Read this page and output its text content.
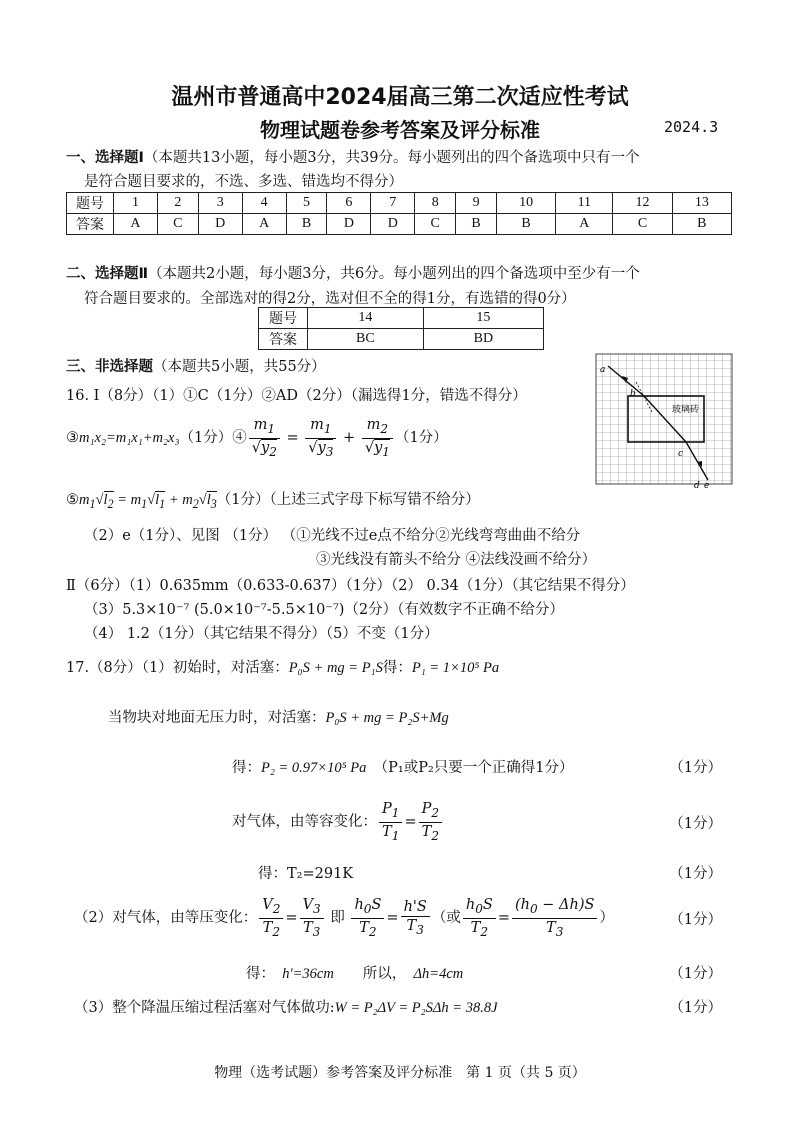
温州市普通高中2024届高三第二次适应性考试
物理试题卷参考答案及评分标准	2024.3
一、选择题Ⅰ（本题共13小题，每小题3分，共39分。每小题列出的四个备选项中只有一个
是符合题目要求的，不选、多选、错选均不得分）
题号	1	2	3	4	5	6	7	8	9	10	11	12	13
答案	A	C	D	A	B	D	D	C	B	B	A	C	B
二、选择题Ⅱ（本题共2小题，每小题3分，共6分。每小题列出的四个备选项中至少有一个
符合题目要求的。全部选对的得2分，选对但不全的得1分，有选错的得0分）
题号	14	15
答案	BC	BD
三、非选择题（本题共5小题，共55分）
玻璃砖
a
b
c
d e
16. Ⅰ（8分）（1）①C（1分）②AD（2分）（漏选得1分，错选不得分）
③m₁x₂=m₁x₁+m₂x₃（1分）④ $\frac{m_1}{√y_2} = \frac{m_1}{√y_3} + \frac{m_2}{√y_1} (1$分）
$⑤m_1√l_2 = m_1√l_1 + m_2√l_3(1$分）（上述三式字母下标写错不给分）
（2）e（1分）、见图 （1分） （①光线不过e点不给分②光线弯弯曲曲不给分
③光线没有箭头不给分 ④法线没画不给分）
Ⅱ（6分）（1）0.635mm（0.633-0.637）（1分）（2） 0.34（1分）（其它结果不得分）
（3）5.3×10⁻⁷ (5.0×10⁻⁷-5.5×10⁻⁷)（2分）（有效数字不正确不给分）
（4） 1.2（1分）（其它结果不得分）（5）不变（1分）
17.（8分）（1）初始时，对活塞：P₀S + mg = P₁S得：P₁ = 1×10⁵ Pa
当物块对地面无压力时，对活塞：P₀S + mg = P₂S+Mg
得：P₂ = 0.97×10⁵ Pa　 （P₁或P₂只要一个正确得1分）	（1分）
对气体，由等容变化： $\frac{P_1}{T_1} = \frac{P_2}{T_2}$	（1分）
得：T₂=291K	（1分）
（2）对气体，由等压变化： $\frac{V_2}{T_2} = \frac{V_3}{T_3}$ 即 $\frac{h_0S}{T_2} = \frac{h'S}{T_3}$ （或 $\frac{h_0S}{T_2} = \frac{(h_0 - \Delta h)S}{T_3}$ ）	（1分）
得：　 h'=36cm　　 所以，　 Δh=4cm	（1分）
（3）整个降温压缩过程活塞对气体做功:W = P₂ΔV = P₂SΔh = 38.8J	（1分）
物理（选考试题）参考答案及评分标准　第 1 页（共 5 页）
